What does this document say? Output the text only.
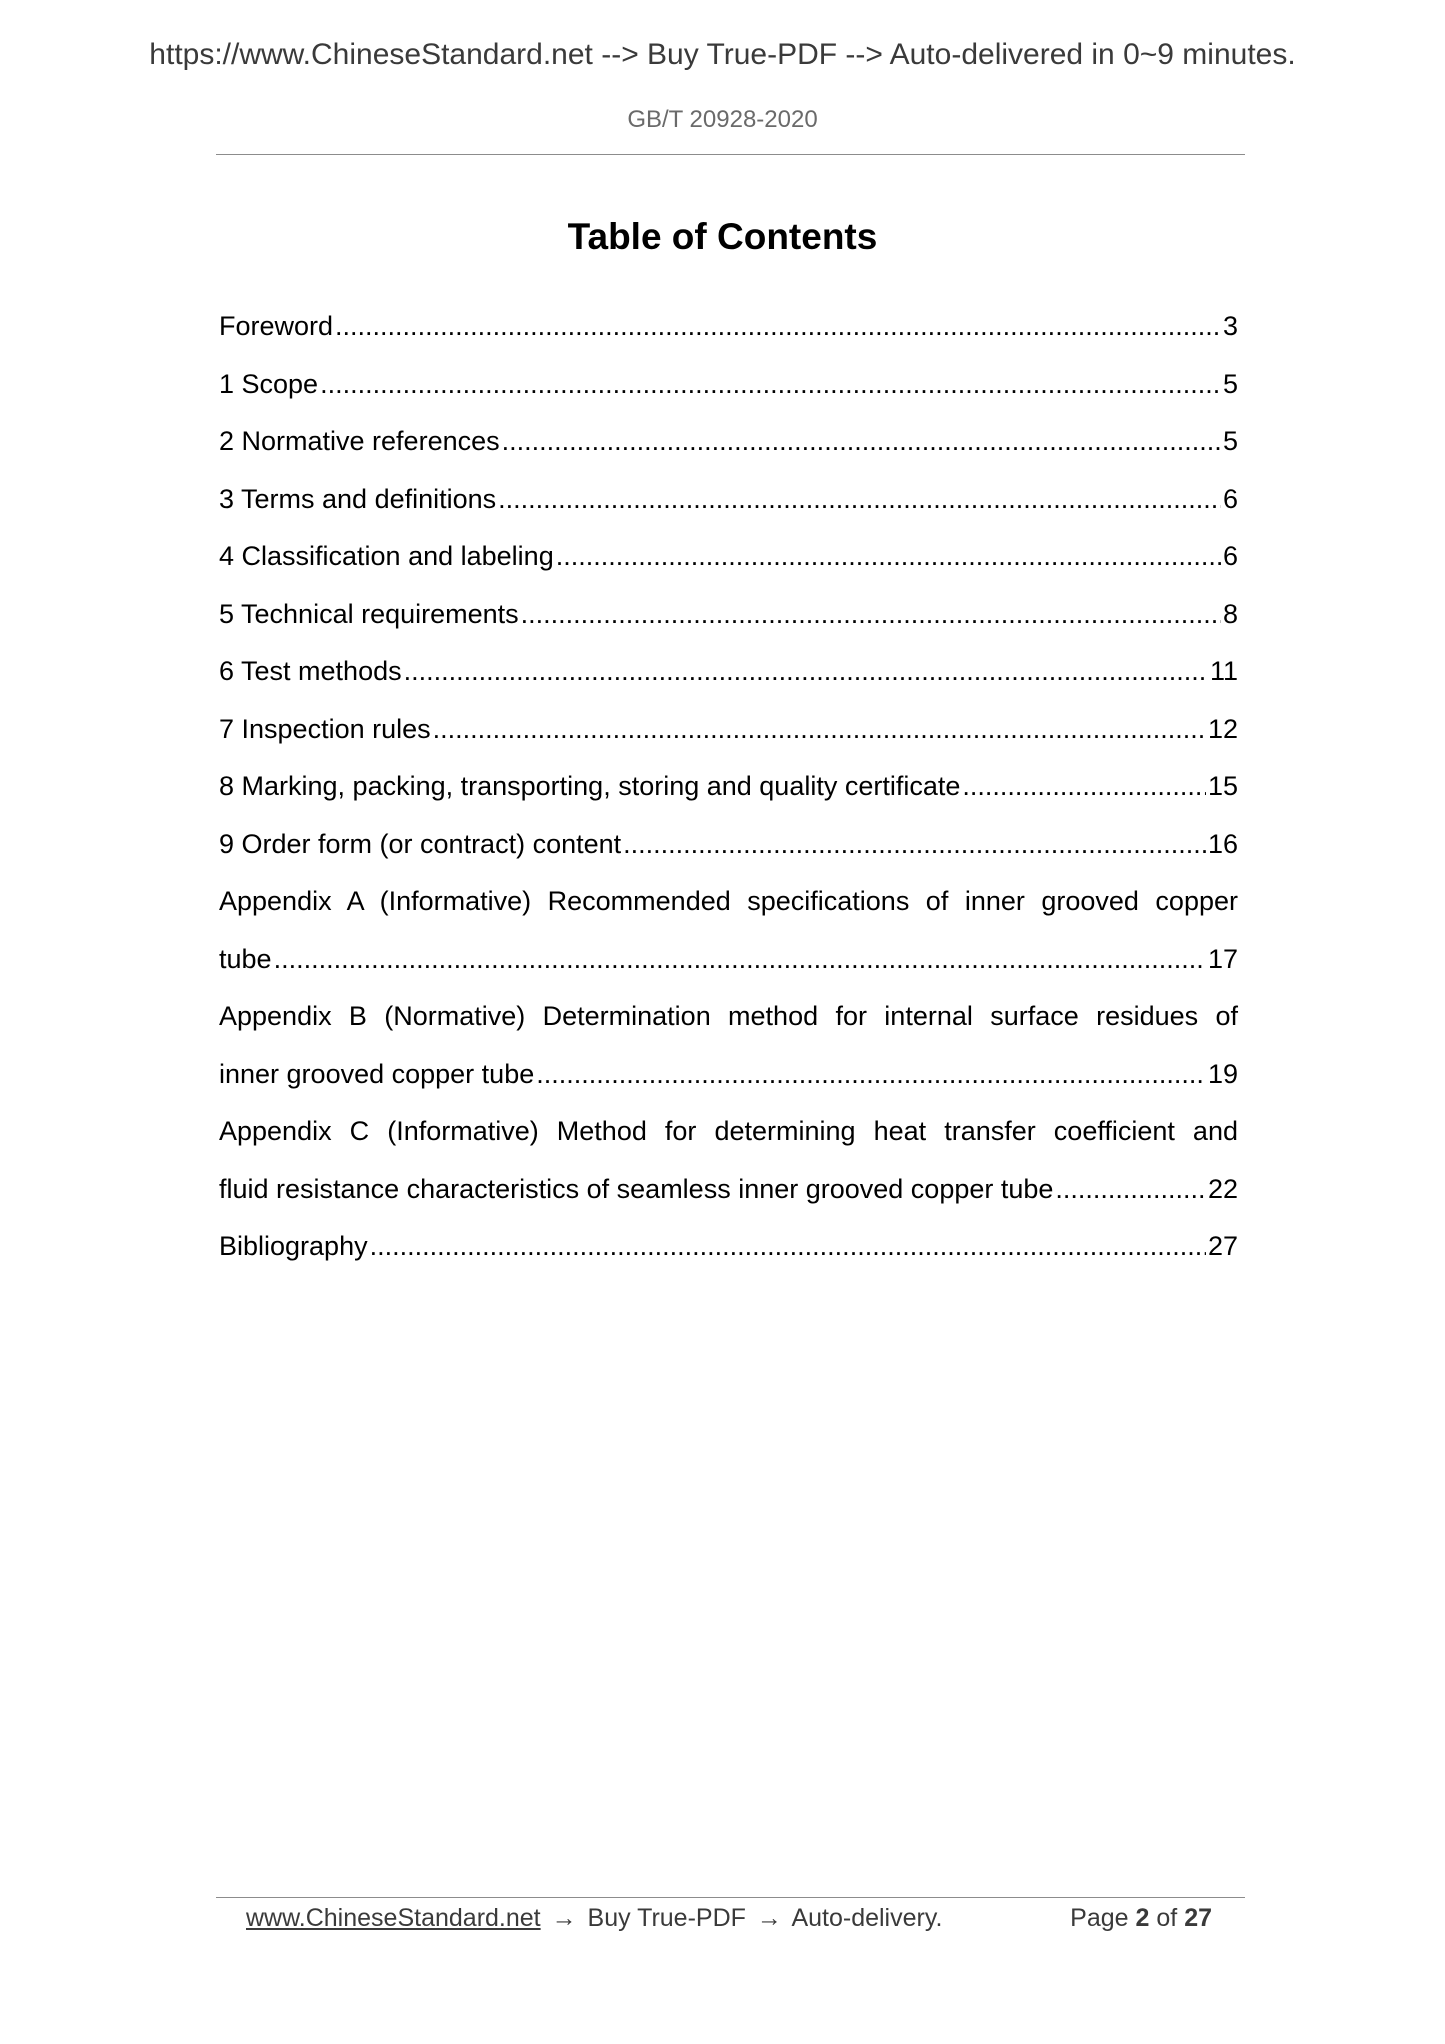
https://www.ChineseStandard.net --> Buy True-PDF --> Auto-delivered in 0~9 minutes.
GB/T 20928-2020
Table of Contents
Foreword .....	3
1 Scope .....	5
2 Normative references .....	5
3 Terms and definitions .....	6
4 Classification and labeling .....	6
5 Technical requirements .....	8
6 Test methods .....	11
7 Inspection rules .....	12
8 Marking, packing, transporting, storing and quality certificate .....	15
9 Order form (or contract) content .....	16
Appendix A (Informative) Recommended specifications of inner grooved copper
tube .....	17
Appendix B (Normative) Determination method for internal surface residues of
inner grooved copper tube .....	19
Appendix C (Informative) Method for determining heat transfer coefficient and
fluid resistance characteristics of seamless inner grooved copper tube .....	22
Bibliography .....	27
www.ChineseStandard.net → Buy True-PDF → Auto-delivery.	Page 2 of 27
